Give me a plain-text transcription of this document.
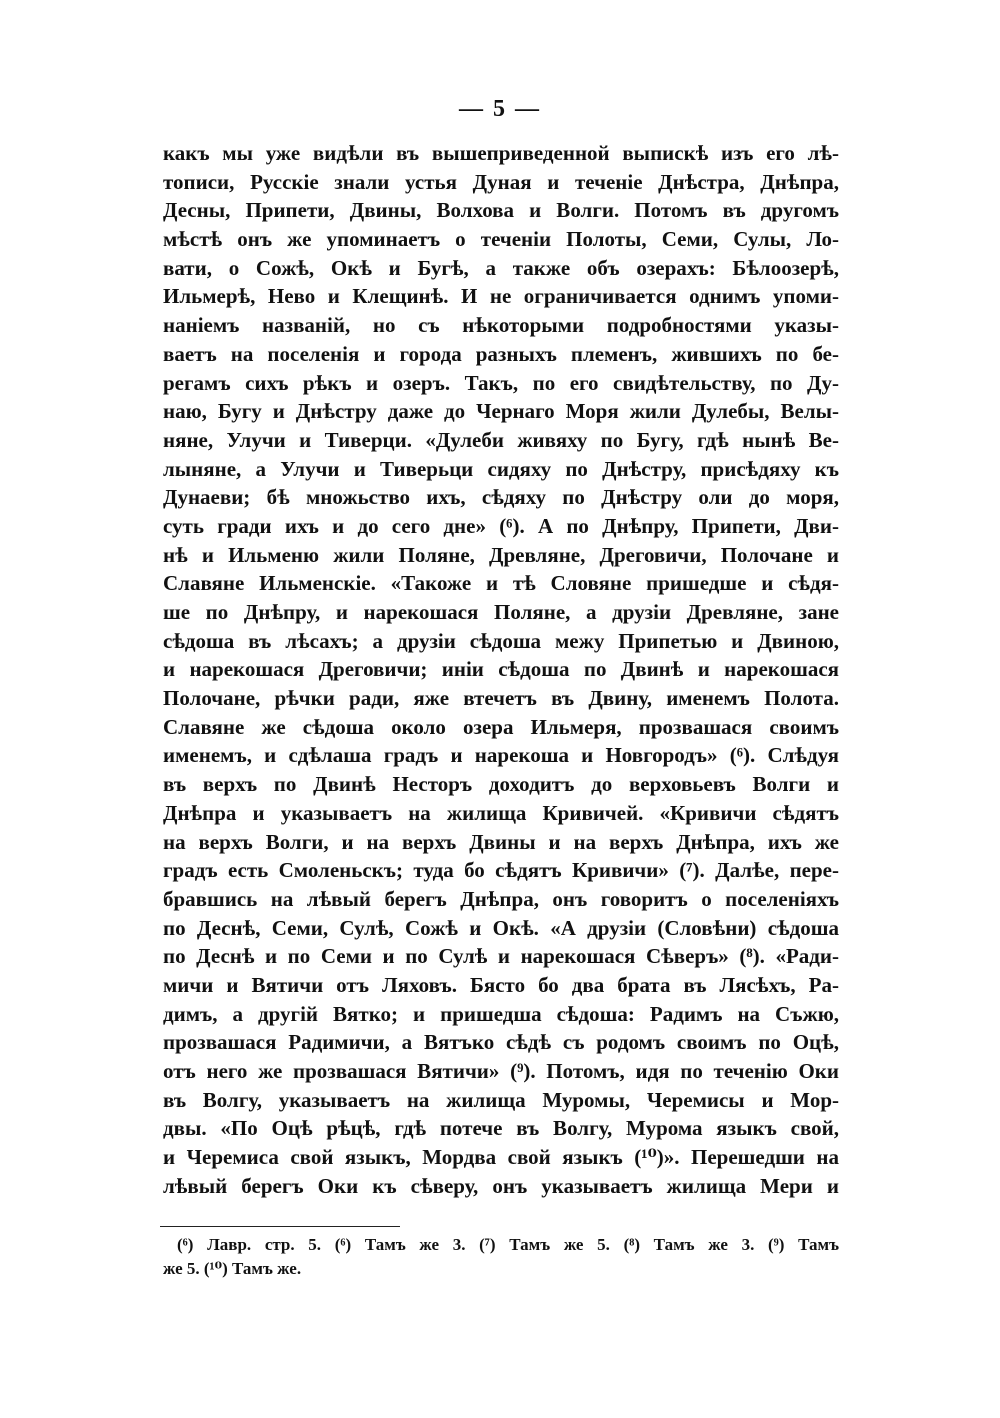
— 5 —
какъ мы уже видѣли въ вышеприведенной выпискѣ изъ его лѣ-
тописи, Русскіе знали устья Дуная и теченіе Днѣстра, Днѣпра,
Десны, Припети, Двины, Волхова и Волги. Потомъ въ другомъ
мѣстѣ онъ же упоминаетъ о теченіи Полоты, Семи, Сулы, Ло-
вати, о Сожѣ, Окѣ и Бугѣ, а также объ озерахъ: Бѣлоозерѣ,
Ильмерѣ, Нево и Клещинѣ. И не ограничивается однимъ упоми-
наніемъ названій, но съ нѣкоторыми подробностями указы-
ваетъ на поселенія и города разныхъ племенъ, жившихъ по бе-
регамъ сихъ рѣкъ и озеръ. Такъ, по его свидѣтельству, по Ду-
наю, Бугу и Днѣстру даже до Чернаго Моря жили Дулебы, Велы-
няне, Улучи и Тиверци. «Дулеби живяху по Бугу, гдѣ нынѣ Ве-
лыняне, а Улучи и Тиверьци сидяху по Днѣстру, присѣдяху къ
Дунаеви; бѣ множьство ихъ, сѣдяху по Днѣстру оли до моря,
суть гради ихъ и до сего дне» (⁶). А по Днѣпру, Припети, Дви-
нѣ и Ильменю жили Поляне, Древляне, Дреговичи, Полочане и
Славяне Ильменскіе. «Такоже и тѣ Словяне пришедше и сѣдя-
ше по Днѣпру, и нарекошася Поляне, а друзіи Древляне, зане
сѣдоша въ лѣсахъ; а друзіи сѣдоша межу Припетью и Двиною,
и нарекошася Дреговичи; иніи сѣдоша по Двинѣ и нарекошася
Полочане, рѣчки ради, яже втечетъ въ Двину, именемъ Полота.
Славяне же сѣдоша около озера Ильмеря, прозвашася своимъ
именемъ, и сдѣлаша градъ и нарекоша и Новгородъ» (⁶). Слѣдуя
въ верхъ по Двинѣ Несторъ доходитъ до верховьевъ Волги и
Днѣпра и указываетъ на жилища Кривичей. «Кривичи сѣдятъ
на верхъ Волги, и на верхъ Двины и на верхъ Днѣпра, ихъ же
градъ есть Смоленьскъ; туда бо сѣдятъ Кривичи» (⁷). Далѣе, пере-
бравшись на лѣвый берегъ Днѣпра, онъ говоритъ о поселеніяхъ
по Деснѣ, Семи, Сулѣ, Сожѣ и Окѣ. «А друзіи (Словѣни) сѣдоша
по Деснѣ и по Семи и по Сулѣ и нарекошася Сѣверъ» (⁸). «Ради-
мичи и Вятичи отъ Ляховъ. Бясто бо два брата въ Лясѣхъ, Ра-
димъ, а другій Вятко; и пришедша сѣдоша: Радимъ на Съжю,
прозвашася Радимичи, а Вятъко сѣдѣ съ родомъ своимъ по Оцѣ,
отъ него же прозвашася Вятичи» (⁹). Потомъ, идя по теченію Оки
въ Волгу, указываетъ на жилища Муромы, Черемисы и Мор-
двы. «По Оцѣ рѣцѣ, гдѣ потече въ Волгу, Мурома языкъ свой,
и Черемиса свой языкъ, Мордва свой языкъ (¹⁰)». Перешедши на
лѣвый берегъ Оки къ сѣверу, онъ указываетъ жилища Мери и
(⁶) Лавр. стр. 5. (⁶) Тамъ же 3. (⁷) Тамъ же 5. (⁸) Тамъ же 3. (⁹) Тамъ
же 5. (¹⁰) Тамъ же.
